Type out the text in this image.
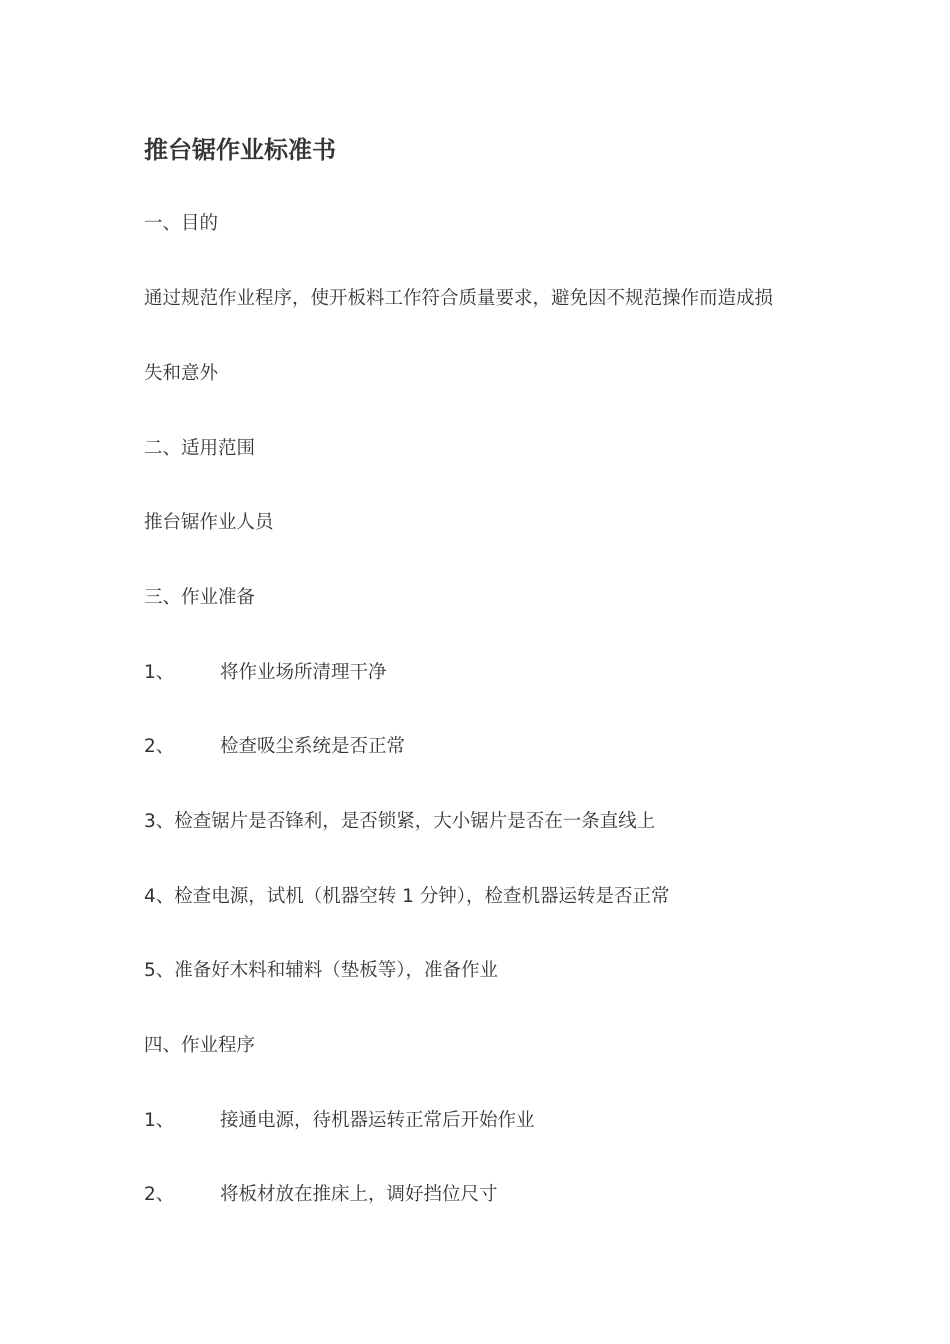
推台锯作业标准书
一、目的
通过规范作业程序，使开板料工作符合质量要求，避免因不规范操作而造成损
失和意外
二、适用范围
推台锯作业人员
三、作业准备
1、 将作业场所清理干净
2、 检查吸尘系统是否正常
3、检查锯片是否锋利，是否锁紧，大小锯片是否在一条直线上
4、检查电源，试机（机器空转 1 分钟），检查机器运转是否正常
5、准备好木料和辅料（垫板等），准备作业
四、作业程序
1、 接通电源，待机器运转正常后开始作业
2、 将板材放在推床上，调好挡位尺寸
